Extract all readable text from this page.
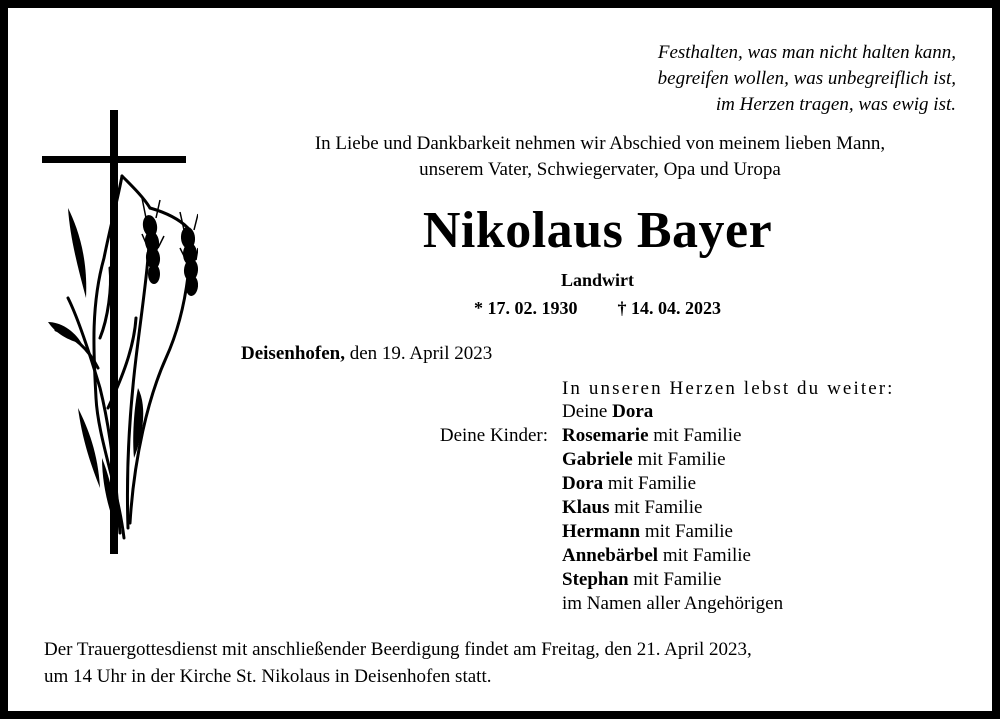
Festhalten, was man nicht halten kann,
begreifen wollen, was unbegreiflich ist,
im Herzen tragen, was ewig ist.
In Liebe und Dankbarkeit nehmen wir Abschied von meinem lieben Mann,
unserem Vater, Schwiegervater, Opa und Uropa
Nikolaus Bayer
Landwirt
* 17. 02. 1930 † 14. 04. 2023
Deisenhofen, den 19. April 2023
In unseren Herzen lebst du weiter:
Deine Kinder:
Deine Dora
Rosemarie mit Familie
Gabriele mit Familie
Dora mit Familie
Klaus mit Familie
Hermann mit Familie
Annebärbel mit Familie
Stephan mit Familie
im Namen aller Angehörigen
Der Trauergottesdienst mit anschließender Beerdigung findet am Freitag, den 21. April 2023,
um 14 Uhr in der Kirche St. Nikolaus in Deisenhofen statt.
